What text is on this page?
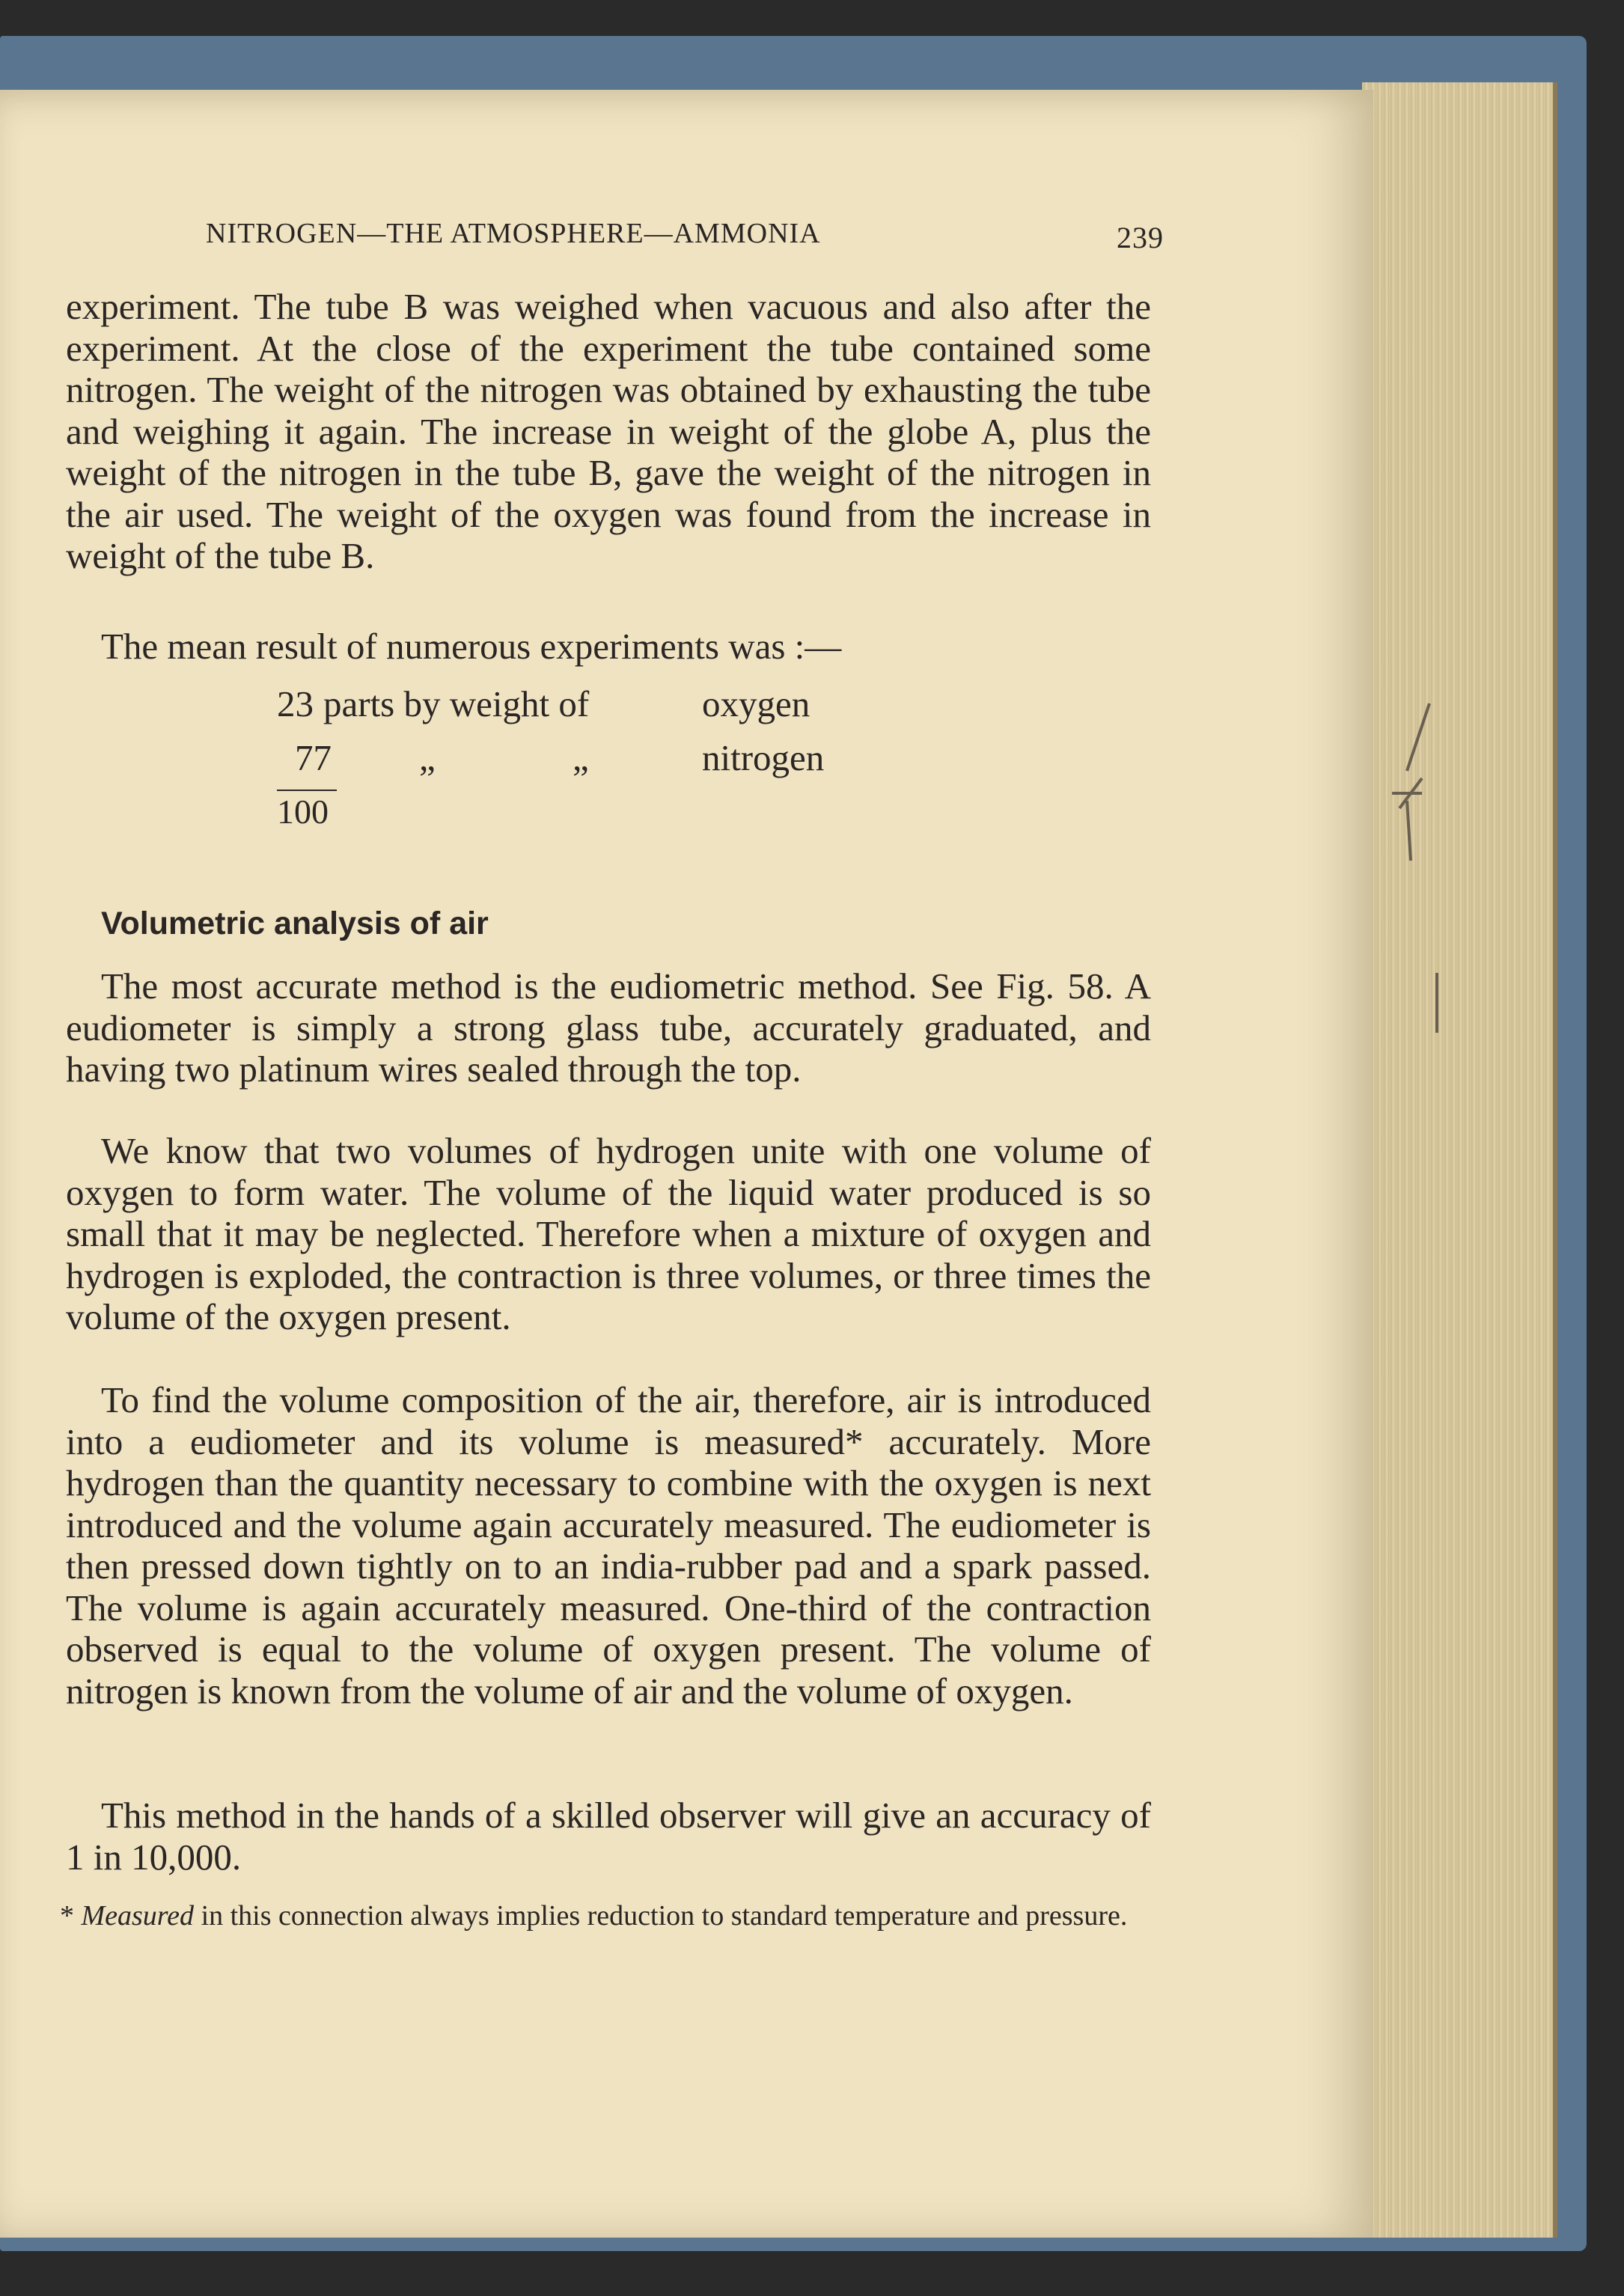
NITROGEN—THE ATMOSPHERE—AMMONIA	239

experiment. The tube B was weighed when vacuous and also after the experiment. At the close of the experiment the tube contained some nitrogen. The weight of the nitrogen was obtained by exhausting the tube and weighing it again. The increase in weight of the globe A, plus the weight of the nitrogen in the tube B, gave the weight of the nitrogen in the air used. The weight of the oxygen was found from the increase in weight of the tube B.

The mean result of numerous experiments was :—

23 parts by weight of	oxygen
77 „	„	nitrogen
100
Volumetric analysis of air

The most accurate method is the eudiometric method. See Fig. 58. A eudiometer is simply a strong glass tube, accurately graduated, and having two platinum wires sealed through the top.

We know that two volumes of hydrogen unite with one volume of oxygen to form water. The volume of the liquid water produced is so small that it may be neglected. Therefore when a mixture of oxygen and hydrogen is exploded, the contraction is three volumes, or three times the volume of the oxygen present.

To find the volume composition of the air, therefore, air is introduced into a eudiometer and its volume is measured* accurately. More hydrogen than the quantity necessary to combine with the oxygen is next introduced and the volume again accurately measured. The eudiometer is then pressed down tightly on to an india-rubber pad and a spark passed. The volume is again accurately measured. One-third of the contraction observed is equal to the volume of oxygen present. The volume of nitrogen is known from the volume of air and the volume of oxygen.

This method in the hands of a skilled observer will give an accuracy of 1 in 10,000.

* Measured in this connection always implies reduction to standard temperature and pressure.
